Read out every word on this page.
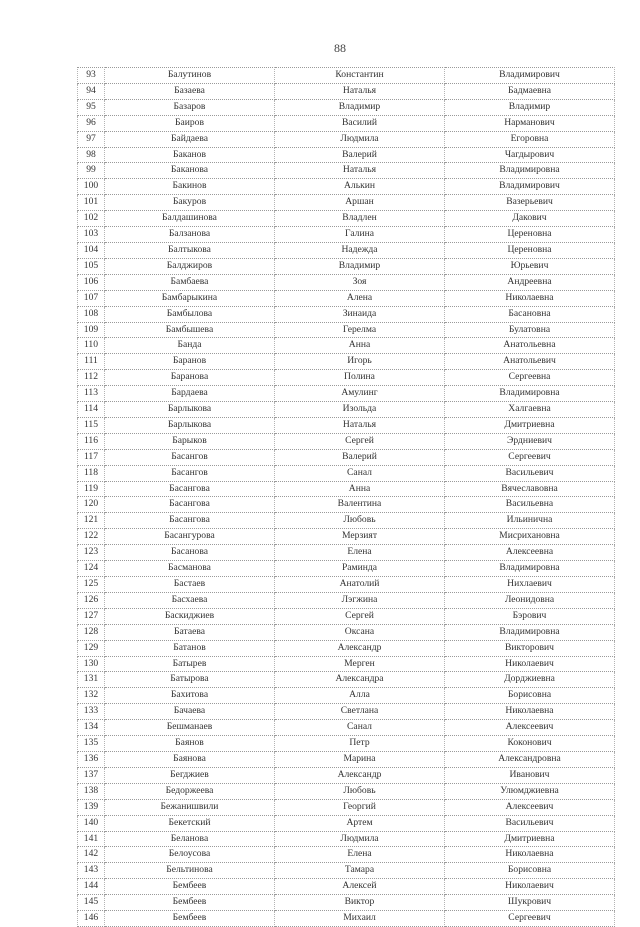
88
93	Балутинов	Константин	Владимирович
94	Базаева	Наталья	Бадмаевна
95	Базаров	Владимир	Владимир
96	Баиров	Василий	Нарманович
97	Байдаева	Людмила	Егоровна
98	Баканов	Валерий	Чагдырович
99	Баканова	Наталья	Владимировна
100	Бакинов	Алькин	Владимирович
101	Бакуров	Аршан	Вазерьевич
102	Балдашинова	Владлен	Дакович
103	Балзанова	Галина	Цереновна
104	Балтыкова	Надежда	Цереновна
105	Балджиров	Владимир	Юрьевич
106	Бамбаева	Зоя	Андреевна
107	Бамбарыкина	Алена	Николаевна
108	Бамбылова	Зинаида	Басановна
109	Бамбышева	Герелма	Булатовна
110	Банда	Анна	Анатольевна
111	Баранов	Игорь	Анатольевич
112	Баранова	Полина	Сергеевна
113	Бардаева	Амулинг	Владимировна
114	Барлыкова	Изольда	Халгаевна
115	Барлыкова	Наталья	Дмитриевна
116	Барыков	Сергей	Эрдниевич
117	Басангов	Валерий	Сергеевич
118	Басангов	Санал	Васильевич
119	Басангова	Анна	Вячеславовна
120	Басангова	Валентина	Васильевна
121	Басангова	Любовь	Ильинична
122	Басангурова	Мерзият	Мисрихановна
123	Басанова	Елена	Алексеевна
124	Басманова	Раминда	Владимировна
125	Бастаев	Анатолий	Нихлаевич
126	Басхаева	Лэгжина	Леонидовна
127	Баскиджиев	Сергей	Бэрович
128	Батаева	Оксана	Владимировна
129	Батанов	Александр	Викторович
130	Батырев	Мерген	Николаевич
131	Батырова	Александра	Дорджиевна
132	Бахитова	Алла	Борисовна
133	Бачаева	Светлана	Николаевна
134	Бешманаев	Санал	Алексеевич
135	Баянов	Петр	Коконович
136	Баянова	Марина	Александровна
137	Бегджиев	Александр	Иванович
138	Бедоржеева	Любовь	Улюмджиевна
139	Бежанишвили	Георгий	Алексеевич
140	Бекетский	Артем	Васильевич
141	Беланова	Людмила	Дмитриевна
142	Белоусова	Елена	Николаевна
143	Бельтинова	Тамара	Борисовна
144	Бембеев	Алексей	Николаевич
145	Бембеев	Виктор	Шукрович
146	Бембеев	Михаил	Сергеевич
